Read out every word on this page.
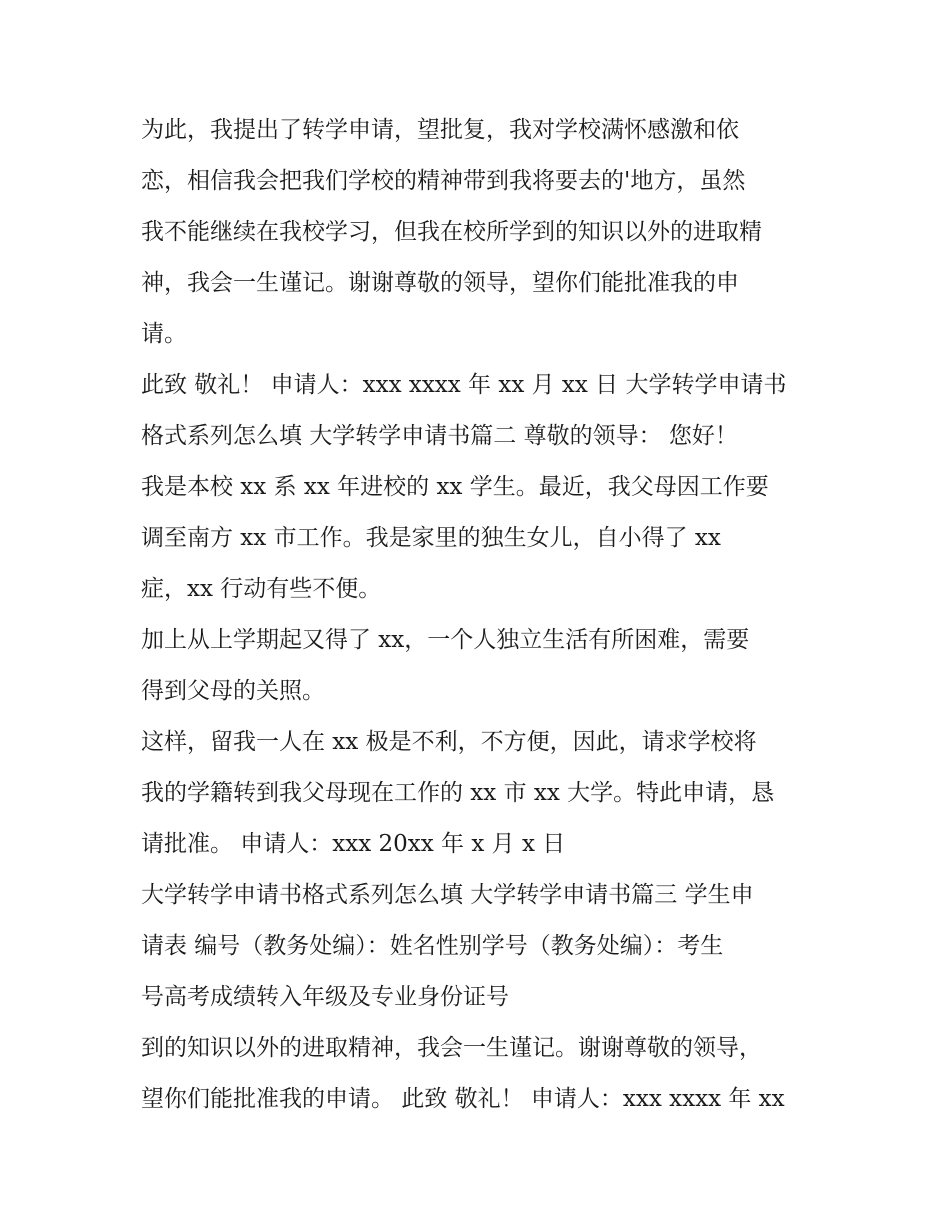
为此，我提出了转学申请，望批复，我对学校满怀感激和依
恋，相信我会把我们学校的精神带到我将要去的'地方，虽然
我不能继续在我校学习，但我在校所学到的知识以外的进取精
神，我会一生谨记。谢谢尊敬的领导，望你们能批准我的申
请。
此致 敬礼！ 申请人：xxx xxxx 年 xx 月 xx 日 大学转学申请书
格式系列怎么填 大学转学申请书篇二 尊敬的领导： 您好！
我是本校 xx 系 xx 年进校的 xx 学生。最近，我父母因工作要
调至南方 xx 市工作。我是家里的独生女儿，自小得了 xx
症，xx 行动有些不便。
加上从上学期起又得了 xx，一个人独立生活有所困难，需要
得到父母的关照。
这样，留我一人在 xx 极是不利，不方便，因此，请求学校将
我的学籍转到我父母现在工作的 xx 市 xx 大学。特此申请，恳
请批准。 申请人：xxx 20xx 年 x 月 x 日
大学转学申请书格式系列怎么填 大学转学申请书篇三 学生申
请表 编号（教务处编）：姓名性别学号（教务处编）：考生
号高考成绩转入年级及专业身份证号
到的知识以外的进取精神，我会一生谨记。谢谢尊敬的领导，
望你们能批准我的申请。 此致 敬礼！ 申请人：xxx xxxx 年 xx
